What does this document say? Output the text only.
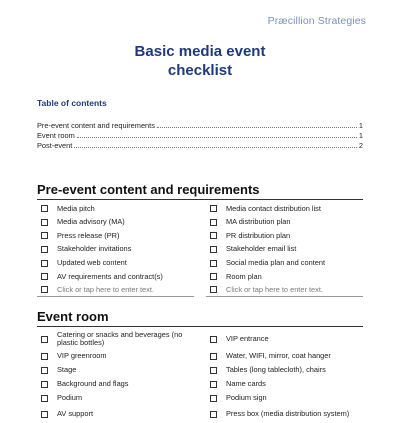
Præcillion Strategies
Basic media event
checklist
Table of contents
Pre-event content and requirements	1
Event room	1
Post-event	2
Pre-event content and requirements
Media pitch	Media contact distribution list
Media advisory (MA)	MA distribution plan
Press release (PR)	PR distribution plan
Stakeholder invitations	Stakeholder email list
Updated web content	Social media plan and content
AV requirements and contract(s)	Room plan
Click or tap here to enter text.	Click or tap here to enter text.
Event room
Catering or snacks and beverages (no plastic bottles)	VIP entrance
VIP greenroom	Water, WIFI, mirror, coat hanger
Stage	Tables (long tablecloth), chairs
Background and flags	Name cards
Podium	Podium sign
AV support	Press box (media distribution system)
